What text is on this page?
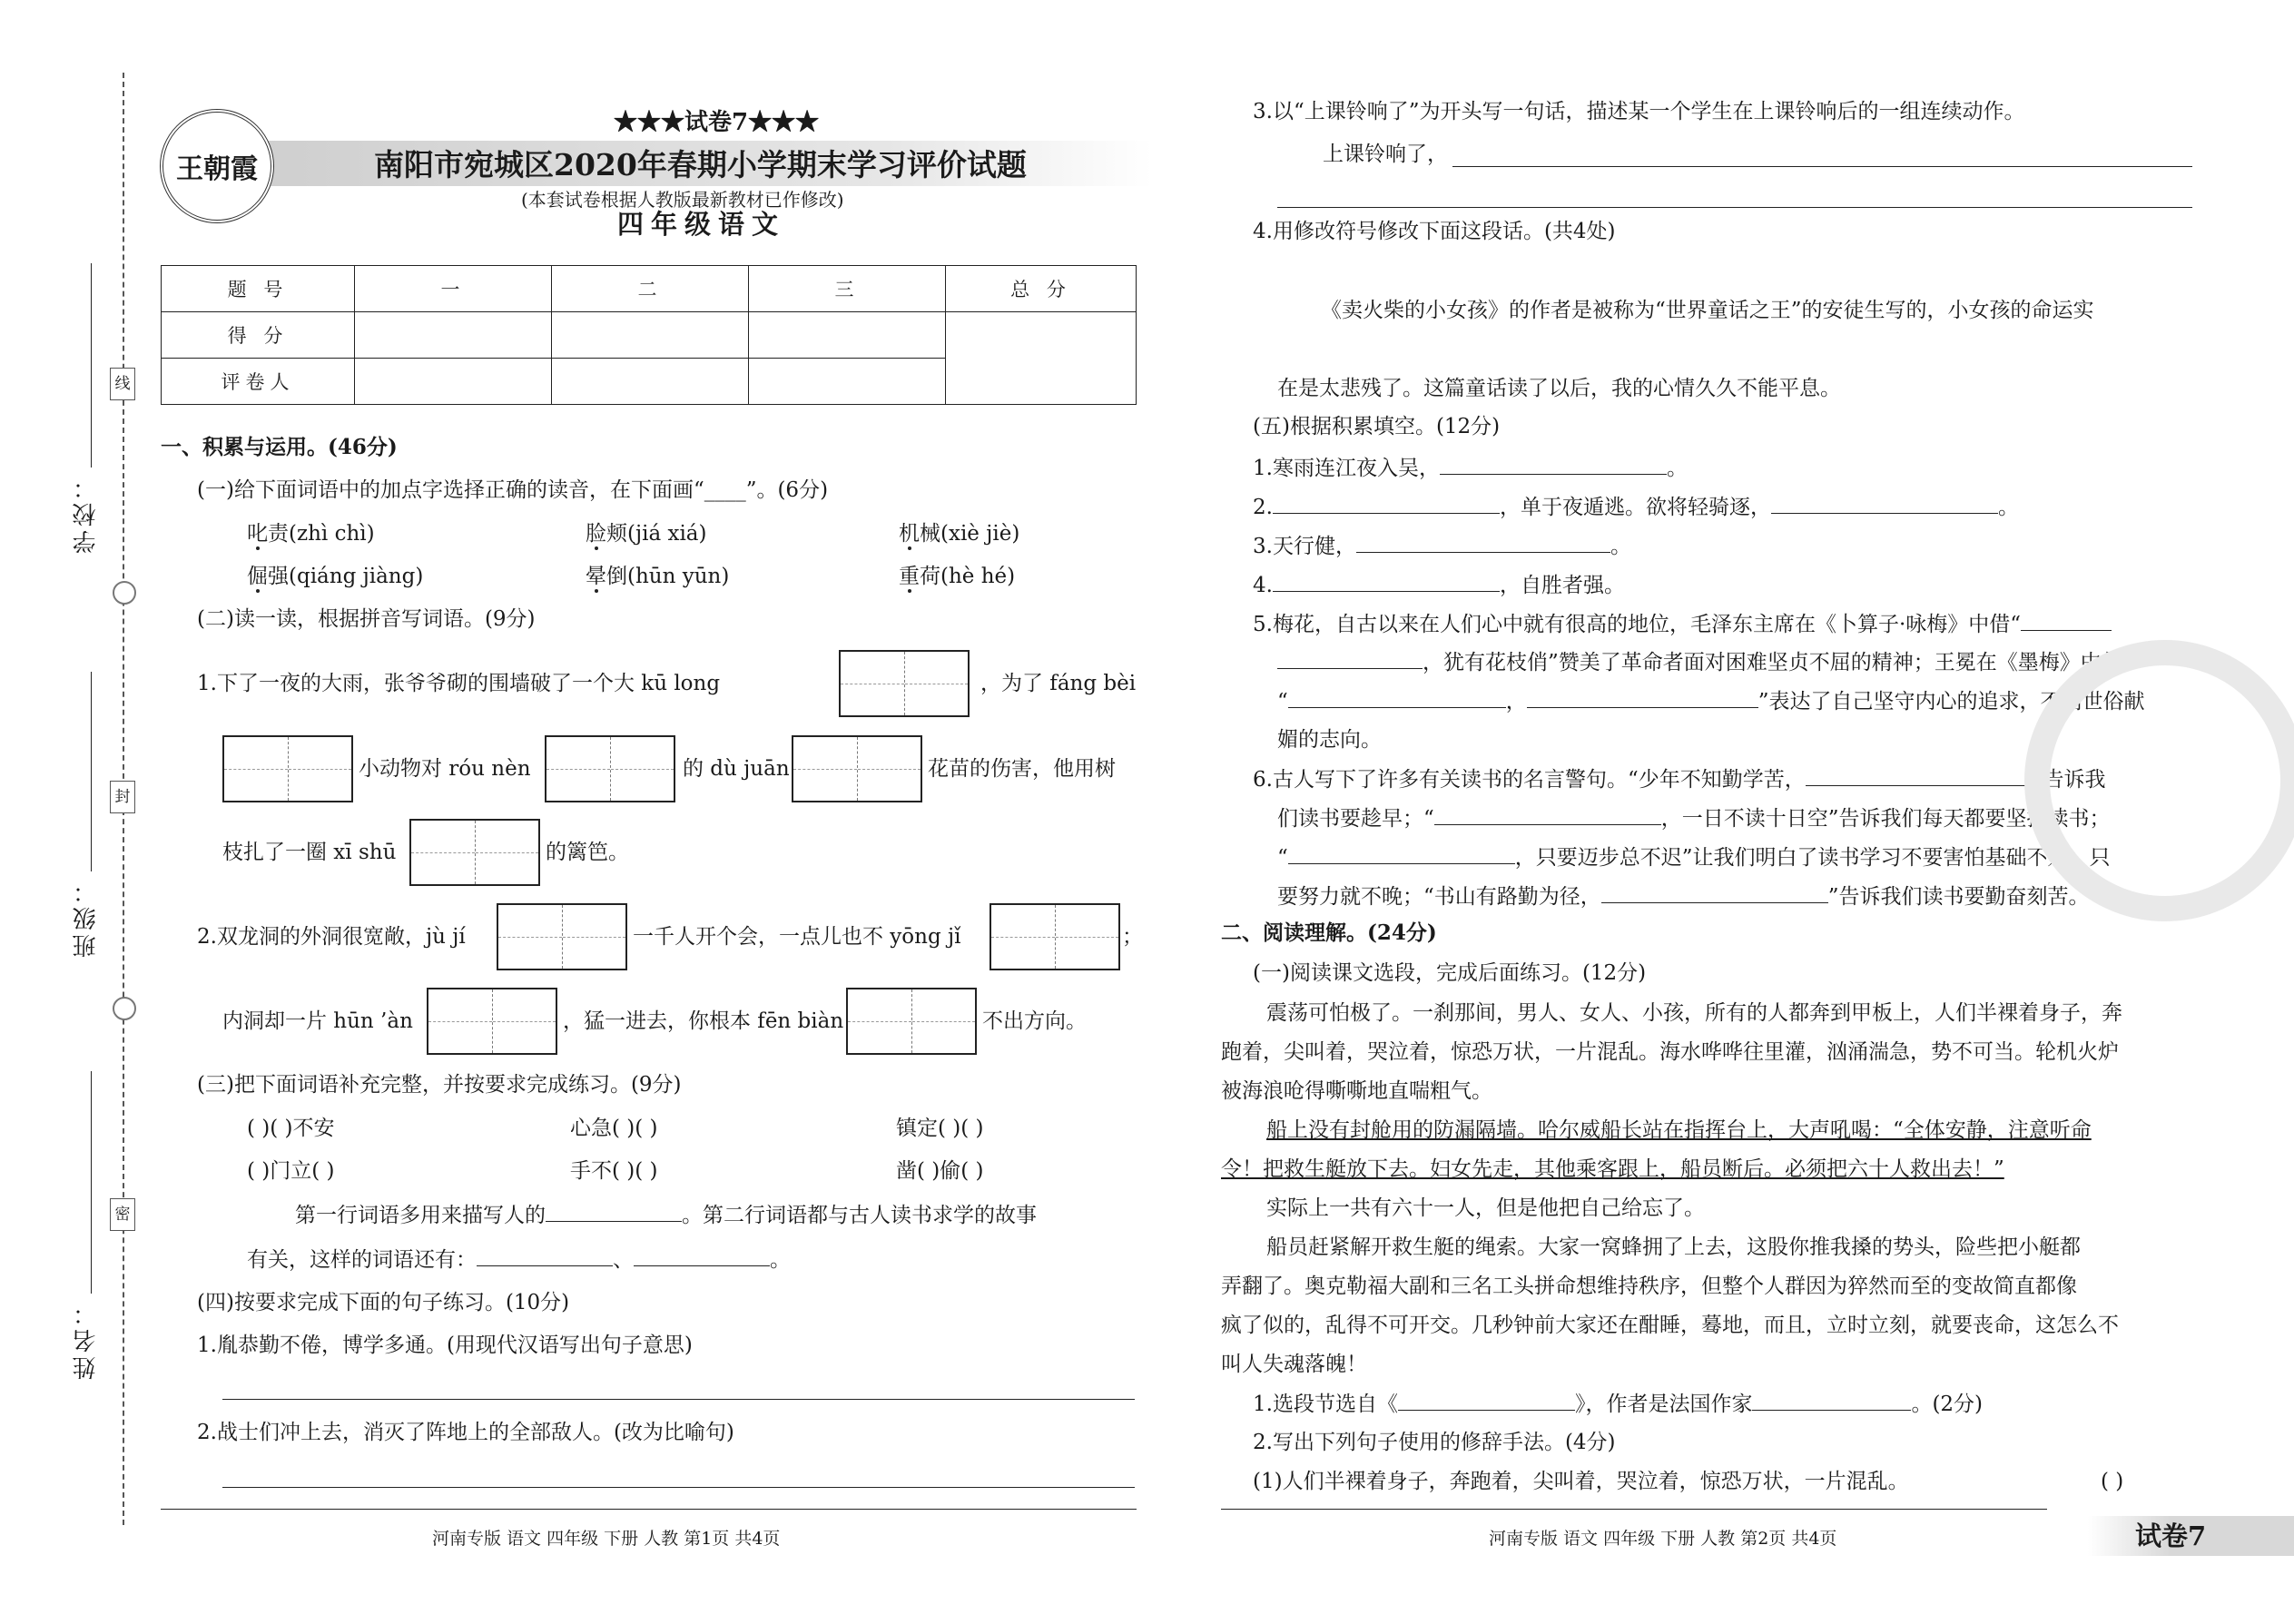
线
封
密
学校：
班级：
姓名：
王朝霞
★★★试卷7★★★
南阳市宛城区2020年春期小学期末学习评价试题
(本套试卷根据人教版最新教材已作修改)
四年级语文
题 号	一	二	三	总 分
得 分				
评卷人				
一、积累与运用。(46分)
(一)给下面词语中的加点字选择正确的读音，在下面画“____”。(6分)
叱责(zhì chì)	脸颊(jiá xiá)	机械(xiè jiè)
倔强(qiáng jiàng)	晕倒(hūn yūn)	重荷(hè hé)
(二)读一读，根据拼音写词语。(9分)
1.下了一夜的大雨，张爷爷砌的围墙破了一个大 kū long	，为了 fáng bèi
小动物对 róu nèn	的 dù juān	花苗的伤害，他用树
枝扎了一圈 xī shū	的篱笆。
2.双龙洞的外洞很宽敞，jù jí	一千人开个会，一点儿也不 yōng jǐ	；
内洞却一片 hūn ’àn	，猛一进去，你根本 fēn biàn	不出方向。
(三)把下面词语补充完整，并按要求完成练习。(9分)
( )( )不安	心急( )( )	镇定( )( )
( )门立( )	手不( )( )	凿( )偷( )
第一行词语多用来描写人的	。第二行词语都与古人读书求学的故事
有关，这样的词语还有：	、	。
(四)按要求完成下面的句子练习。(10分)
1.胤恭勤不倦，博学多通。(用现代汉语写出句子意思)
2.战士们冲上去，消灭了阵地上的全部敌人。(改为比喻句)
河南专版 语文 四年级 下册 人教 第1页 共4页
3.以“上课铃响了”为开头写一句话，描述某一个学生在上课铃响后的一组连续动作。
上课铃响了，
4.用修改符号修改下面这段话。(共4处)
《卖火柴的小女孩》的作者是被称为“世界童话之王”的安徒生写的，小女孩的命运实
在是太悲残了。这篇童话读了以后，我的心情久久不能平息。
(五)根据积累填空。(12分)
1.寒雨连江夜入吴，	。
2.	，单于夜遁逃。欲将轻骑逐，	。
3.天行健，	。
4.	，自胜者强。
5.梅花，自古以来在人们心中就有很高的地位，毛泽东主席在《卜算子·咏梅》中借“
，犹有花枝俏”赞美了革命者面对困难坚贞不屈的精神；王冕在《墨梅》中借
“	，	”表达了自己坚守内心的追求，不向世俗献
媚的志向。
6.古人写下了许多有关读书的名言警句。“少年不知勤学苦，	”告诉我
们读书要趁早；“	，一日不读十日空”告诉我们每天都要坚持读书；
“	，只要迈步总不迟”让我们明白了读书学习不要害怕基础不好，只
要努力就不晚；“书山有路勤为径，	”告诉我们读书要勤奋刻苦。
二、阅读理解。(24分)
(一)阅读课文选段，完成后面练习。(12分)
震荡可怕极了。一刹那间，男人、女人、小孩，所有的人都奔到甲板上，人们半裸着身子，奔
跑着，尖叫着，哭泣着，惊恐万状，一片混乱。海水哗哗往里灌，汹涌湍急，势不可当。轮机火炉
被海浪呛得嘶嘶地直喘粗气。
船上没有封舱用的防漏隔墙。哈尔威船长站在指挥台上，大声吼喝：“全体安静，注意听命
令！把救生艇放下去。妇女先走，其他乘客跟上，船员断后。必须把六十人救出去！”
实际上一共有六十一人，但是他把自己给忘了。
船员赶紧解开救生艇的绳索。大家一窝蜂拥了上去，这股你推我搡的势头，险些把小艇都
弄翻了。奥克勒福大副和三名工头拼命想维持秩序，但整个人群因为猝然而至的变故简直都像
疯了似的，乱得不可开交。几秒钟前大家还在酣睡，蓦地，而且，立时立刻，就要丧命，这怎么不
叫人失魂落魄！
1.选段节选自《	》，作者是法国作家	。(2分)
2.写出下列句子使用的修辞手法。(4分)
(1)人们半裸着身子，奔跑着，尖叫着，哭泣着，惊恐万状，一片混乱。	( )
河南专版 语文 四年级 下册 人教 第2页 共4页	试卷7
